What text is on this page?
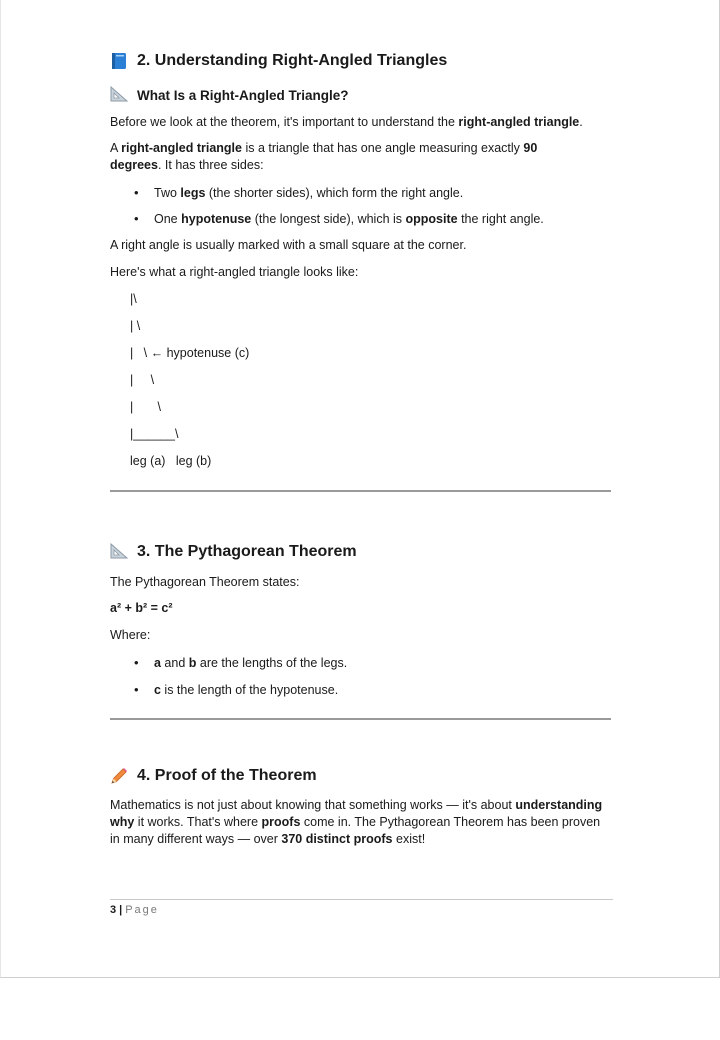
2. Understanding Right-Angled Triangles
What Is a Right-Angled Triangle?
Before we look at the theorem, it's important to understand the right-angled triangle.
A right-angled triangle is a triangle that has one angle measuring exactly 90 degrees. It has three sides:
• Two legs (the shorter sides), which form the right angle.
• One hypotenuse (the longest side), which is opposite the right angle.
A right angle is usually marked with a small square at the corner.
Here's what a right-angled triangle looks like:
|\
| \
|   \ ← hypotenuse (c)
|     \
|       \
|______\
leg (a)   leg (b)
3. The Pythagorean Theorem
The Pythagorean Theorem states:
a² + b² = c²
Where:
• a and b are the lengths of the legs.
• c is the length of the hypotenuse.
4. Proof of the Theorem
Mathematics is not just about knowing that something works — it's about understanding why it works. That's where proofs come in. The Pythagorean Theorem has been proven in many different ways — over 370 distinct proofs exist!
3 | Page
